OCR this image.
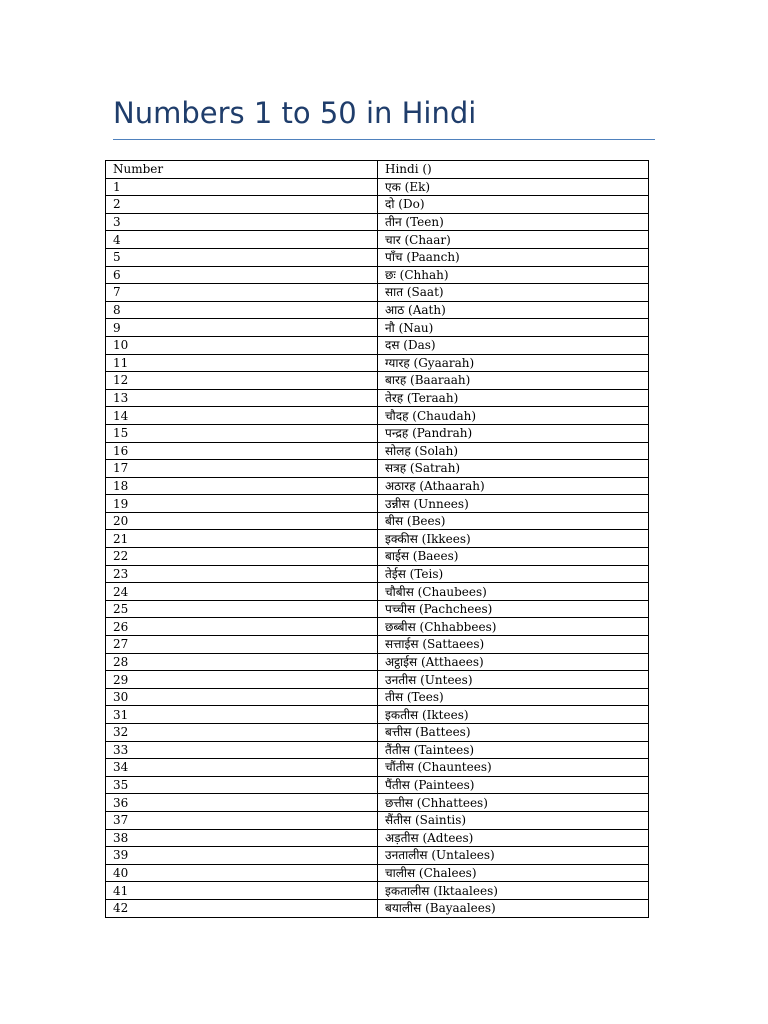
Numbers 1 to 50 in Hindi
Number	Hindi ()
1	एक (Ek)
2	दो (Do)
3	तीन (Teen)
4	चार (Chaar)
5	पाँच (Paanch)
6	छः (Chhah)
7	सात (Saat)
8	आठ (Aath)
9	नौ (Nau)
10	दस (Das)
11	ग्यारह (Gyaarah)
12	बारह (Baaraah)
13	तेरह (Teraah)
14	चौदह (Chaudah)
15	पन्द्रह (Pandrah)
16	सोलह (Solah)
17	सत्रह (Satrah)
18	अठारह (Athaarah)
19	उन्नीस (Unnees)
20	बीस (Bees)
21	इक्कीस (Ikkees)
22	बाईस (Baees)
23	तेईस (Teis)
24	चौबीस (Chaubees)
25	पच्चीस (Pachchees)
26	छब्बीस (Chhabbees)
27	सत्ताईस (Sattaees)
28	अट्ठाईस (Atthaees)
29	उनतीस (Untees)
30	तीस (Tees)
31	इकतीस (Iktees)
32	बत्तीस (Battees)
33	तैंतीस (Taintees)
34	चौंतीस (Chauntees)
35	पैंतीस (Paintees)
36	छत्तीस (Chhattees)
37	सैंतीस (Saintis)
38	अड़तीस (Adtees)
39	उनतालीस (Untalees)
40	चालीस (Chalees)
41	इकतालीस (Iktaalees)
42	बयालीस (Bayaalees)
